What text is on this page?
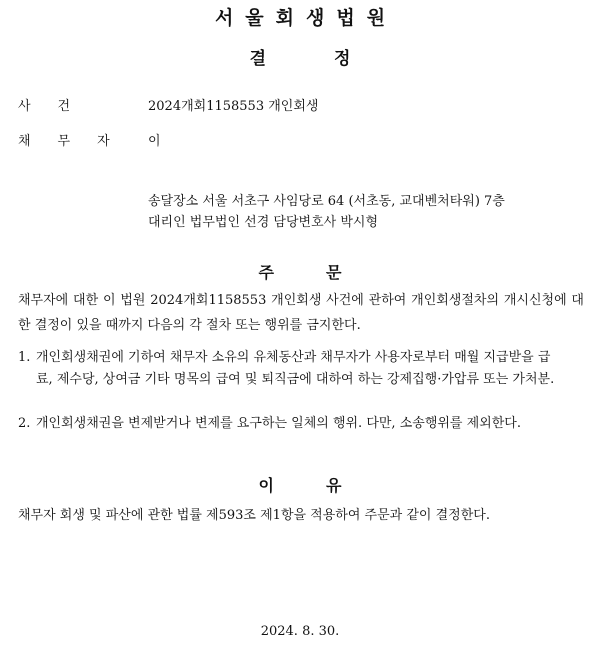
서울회생법원
결정
사건	2024개회1158553 개인회생
채무자 이
송달장소 서울 서초구 사임당로 64 (서초동, 교대벤처타워) 7층
대리인 법무법인 선경 담당변호사 박시형
주문
채무자에 대한 이 법원 2024개회1158553 개인회생 사건에 관하여 개인회생절차의 개시신청에 대한 결정이 있을 때까지 다음의 각 절차 또는 행위를 금지한다.
1. 개인회생채권에 기하여 채무자 소유의 유체동산과 채무자가 사용자로부터 매월 지급받을 급료, 제수당, 상여금 기타 명목의 급여 및 퇴직금에 대하여 하는 강제집행·가압류 또는 가처분.
2. 개인회생채권을 변제받거나 변제를 요구하는 일체의 행위. 다만, 소송행위를 제외한다.
이유
채무자 회생 및 파산에 관한 법률 제593조 제1항을 적용하여 주문과 같이 결정한다.
2024. 8. 30.
